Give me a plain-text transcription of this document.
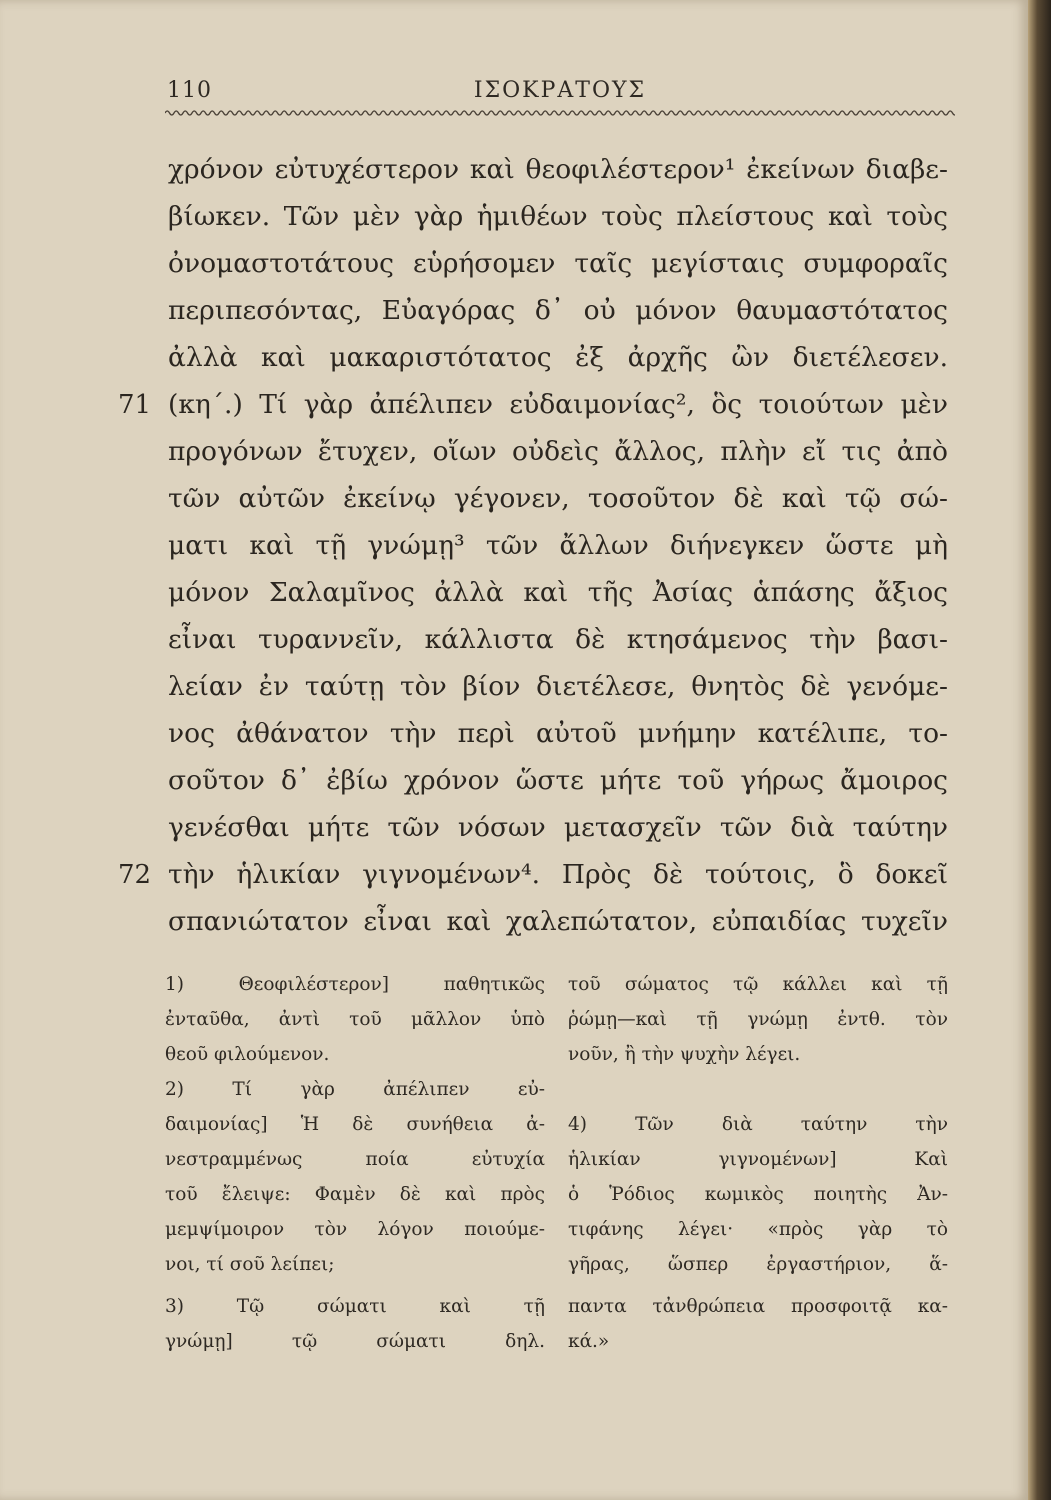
110	ΙΣΟΚΡΑΤΟΥΣ
χρόνον εὐτυχέστερον καὶ θεοφιλέστερον¹ ἐκείνων διαβε-
βίωκεν. Τῶν μὲν γὰρ ἡμιθέων τοὺς πλείστους καὶ τοὺς
ὀνομαστοτάτους εὑρήσομεν ταῖς μεγίσταις συμφοραῖς
περιπεσόντας, Εὐαγόρας δ᾿ οὐ μόνον θαυμαστότατος
ἀλλὰ καὶ μακαριστότατος ἐξ ἀρχῆς ὢν διετέλεσεν.
71 (κη΄.) Τί γὰρ ἀπέλιπεν εὐδαιμονίας², ὃς τοιούτων μὲν
προγόνων ἔτυχεν, οἵων οὐδεὶς ἄλλος, πλὴν εἴ τις ἀπὸ
τῶν αὐτῶν ἐκείνῳ γέγονεν, τοσοῦτον δὲ καὶ τῷ σώ-
ματι καὶ τῇ γνώμῃ³ τῶν ἄλλων διήνεγκεν ὥστε μὴ
μόνον Σαλαμῖνος ἀλλὰ καὶ τῆς Ἀσίας ἁπάσης ἄξιος
εἶναι τυραννεῖν, κάλλιστα δὲ κτησάμενος τὴν βασι-
λείαν ἐν ταύτῃ τὸν βίον διετέλεσε, θνητὸς δὲ γενόμε-
νος ἀθάνατον τὴν περὶ αὐτοῦ μνήμην κατέλιπε, το-
σοῦτον δ᾿ ἐβίω χρόνον ὥστε μήτε τοῦ γήρως ἄμοιρος
γενέσθαι μήτε τῶν νόσων μετασχεῖν τῶν διὰ ταύτην
72 τὴν ἡλικίαν γιγνομένων⁴. Πρὸς δὲ τούτοις, ὃ δοκεῖ
σπανιώτατον εἶναι καὶ χαλεπώτατον, εὐπαιδίας τυχεῖν
1) Θεοφιλέστερον] παθητικῶς
ἐνταῦθα, ἀντὶ τοῦ μᾶλλον ὑπὸ
θεοῦ φιλούμενον.
2) Τί γὰρ ἀπέλιπεν εὐ-
δαιμονίας] Ἡ δὲ συνήθεια ἀ-
νεστραμμένως ποία εὐτυχία
τοῦ ἔλειψε: Φαμὲν δὲ καὶ πρὸς
μεμψίμοιρον τὸν λόγον ποιούμε-
νοι, τί σοῦ λείπει;
3) Τῷ σώματι καὶ τῇ
γνώμῃ] τῷ σώματι δηλ.
τοῦ σώματος τῷ κάλλει καὶ τῇ
ῥώμῃ—καὶ τῇ γνώμῃ ἐντθ. τὸν
νοῦν, ἢ τὴν ψυχὴν λέγει.
4) Τῶν διὰ ταύτην τὴν
ἡλικίαν γιγνομένων] Καὶ
ὁ Ῥόδιος κωμικὸς ποιητὴς Ἀν-
τιφάνης λέγει· «πρὸς γὰρ τὸ
γῆρας, ὥσπερ ἐργαστήριον, ἅ-
παντα τἀνθρώπεια προσφοιτᾷ κα-
κά.»
